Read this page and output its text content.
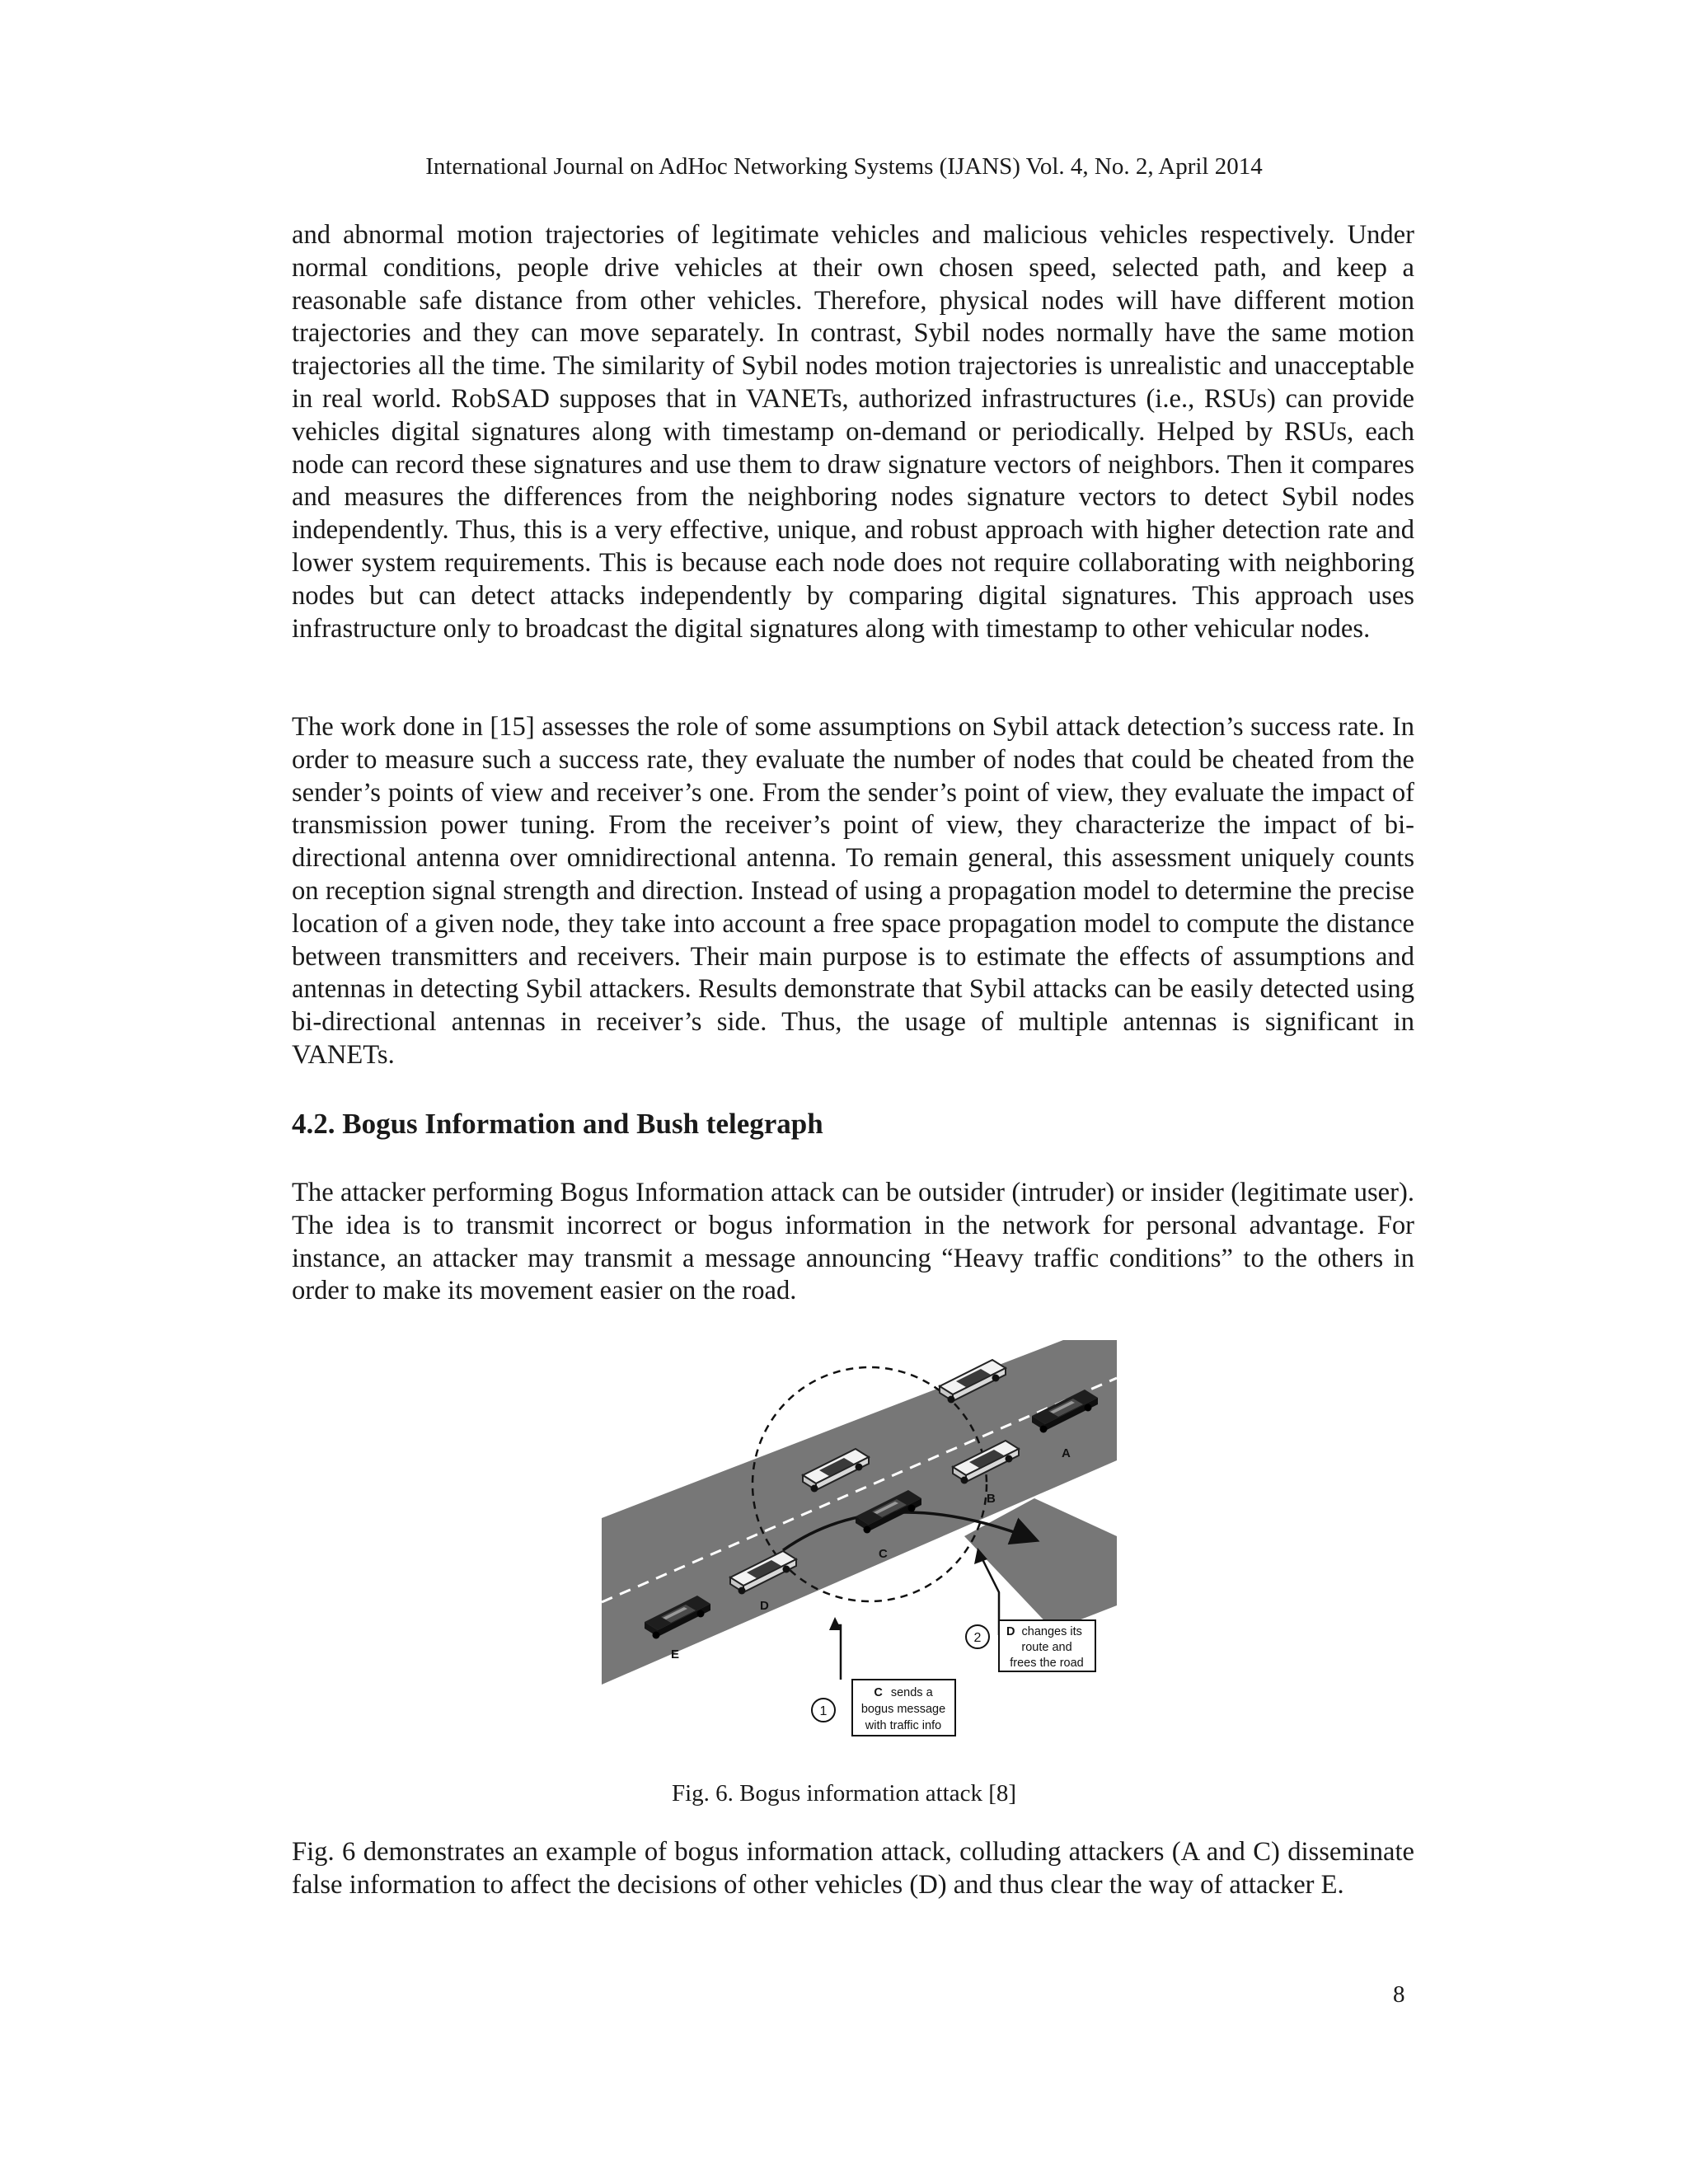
International Journal on AdHoc Networking Systems (IJANS) Vol. 4, No. 2, April 2014

and abnormal motion trajectories of legitimate vehicles and malicious vehicles respectively. Under normal conditions, people drive vehicles at their own chosen speed, selected path, and keep a reasonable safe distance from other vehicles. Therefore, physical nodes will have different motion trajectories and they can move separately. In contrast, Sybil nodes normally have the same motion trajectories all the time. The similarity of Sybil nodes motion trajectories is unrealistic and unacceptable in real world. RobSAD supposes that in VANETs, authorized infrastructures (i.e., RSUs) can provide vehicles digital signatures along with timestamp on-demand or periodically. Helped by RSUs, each node can record these signatures and use them to draw signature vectors of neighbors. Then it compares and measures the differences from the neighboring nodes signature vectors to detect Sybil nodes independently. Thus, this is a very effective, unique, and robust approach with higher detection rate and lower system requirements. This is because each node does not require collaborating with neighboring nodes but can detect attacks independently by comparing digital signatures. This approach uses infrastructure only to broadcast the digital signatures along with timestamp to other vehicular nodes.

The work done in [15] assesses the role of some assumptions on Sybil attack detection’s success rate. In order to measure such a success rate, they evaluate the number of nodes that could be cheated from the sender’s points of view and receiver’s one. From the sender’s point of view, they evaluate the impact of transmission power tuning. From the receiver’s point of view, they characterize the impact of bi-directional antenna over omnidirectional antenna. To remain general, this assessment uniquely counts on reception signal strength and direction. Instead of using a propagation model to determine the precise location of a given node, they take into account a free space propagation model to compute the distance between transmitters and receivers. Their main purpose is to estimate the effects of assumptions and antennas in detecting Sybil attackers. Results demonstrate that Sybil attacks can be easily detected using bi-directional antennas in receiver’s side. Thus, the usage of multiple antennas is significant in VANETs.

4.2. Bogus Information and Bush telegraph

The attacker performing Bogus Information attack can be outsider (intruder) or insider (legitimate user). The idea is to transmit incorrect or bogus information in the network for personal advantage. For instance, an attacker may transmit a message announcing “Heavy traffic conditions” to the others in order to make its movement easier on the road.

A
B
C
D
E
2 D changes its
route and
frees the road
1
C sends a
bogus message
with traffic info
Fig. 6. Bogus information attack [8]

Fig. 6 demonstrates an example of bogus information attack, colluding attackers (A and C) disseminate false information to affect the decisions of other vehicles (D) and thus clear the way of attacker E.

8
